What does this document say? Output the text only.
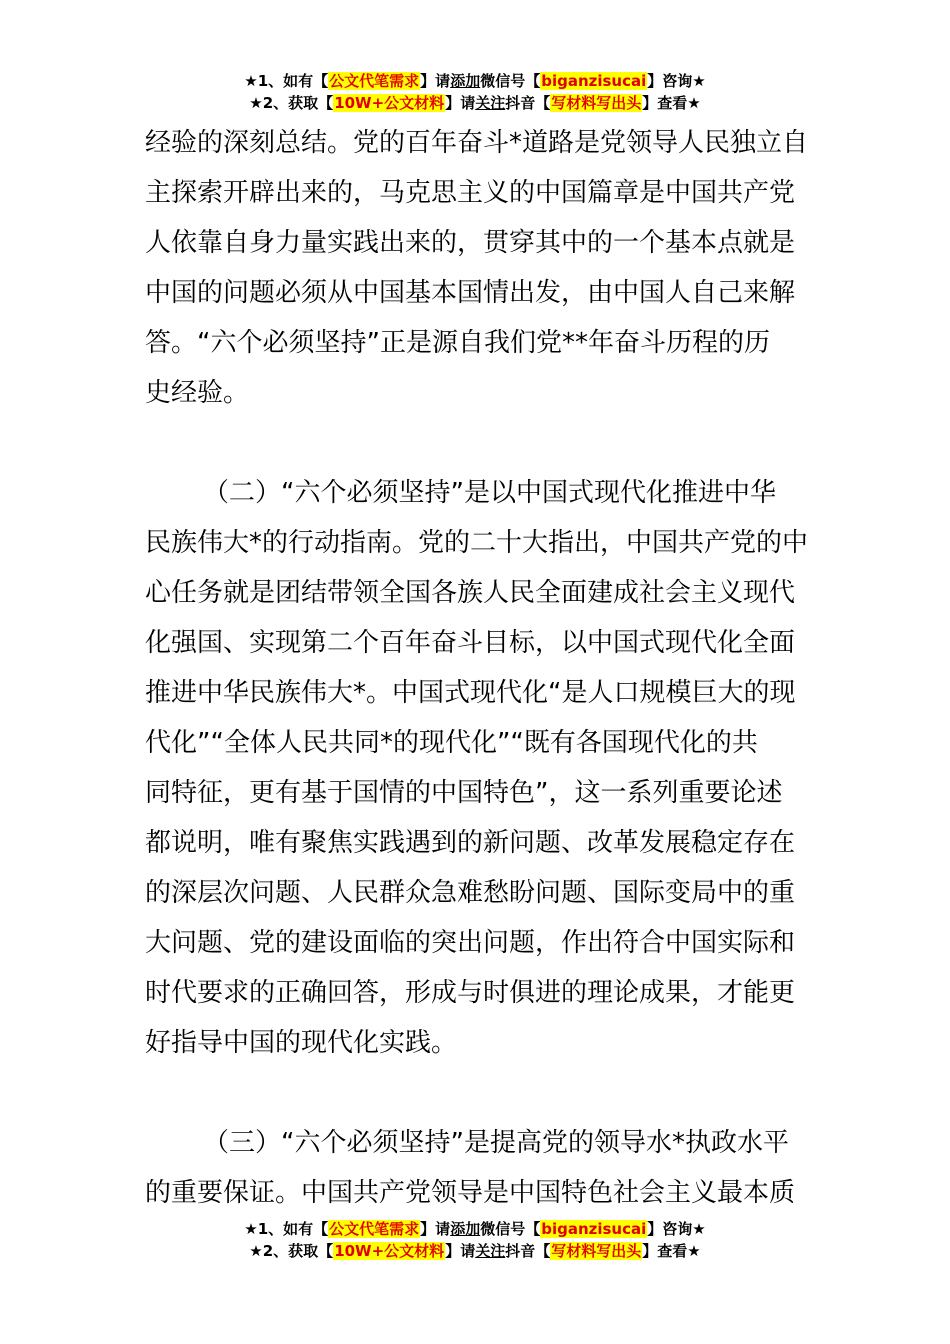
★1、如有【公文代笔需求】请添加微信号【biganzisucai】咨询★
★2、获取【10W+公文材料】请关注抖音【写材料写出头】查看★
经验的深刻总结。党的百年奋斗*道路是党领导人民独立自
主探索开辟出来的，马克思主义的中国篇章是中国共产党
人依靠自身力量实践出来的，贯穿其中的一个基本点就是
中国的问题必须从中国基本国情出发，由中国人自己来解
答。“六个必须坚持”正是源自我们党**年奋斗历程的历
史经验。
（二）“六个必须坚持”是以中国式现代化推进中华
民族伟大*的行动指南。党的二十大指出，中国共产党的中
心任务就是团结带领全国各族人民全面建成社会主义现代
化强国、实现第二个百年奋斗目标，以中国式现代化全面
推进中华民族伟大*。中国式现代化“是人口规模巨大的现
代化”“全体人民共同*的现代化”“既有各国现代化的共
同特征，更有基于国情的中国特色”，这一系列重要论述
都说明，唯有聚焦实践遇到的新问题、改革发展稳定存在
的深层次问题、人民群众急难愁盼问题、国际变局中的重
大问题、党的建设面临的突出问题，作出符合中国实际和
时代要求的正确回答，形成与时俱进的理论成果，才能更
好指导中国的现代化实践。
（三）“六个必须坚持”是提高党的领导水*执政水平
的重要保证。中国共产党领导是中国特色社会主义最本质
★1、如有【公文代笔需求】请添加微信号【biganzisucai】咨询★
★2、获取【10W+公文材料】请关注抖音【写材料写出头】查看★
